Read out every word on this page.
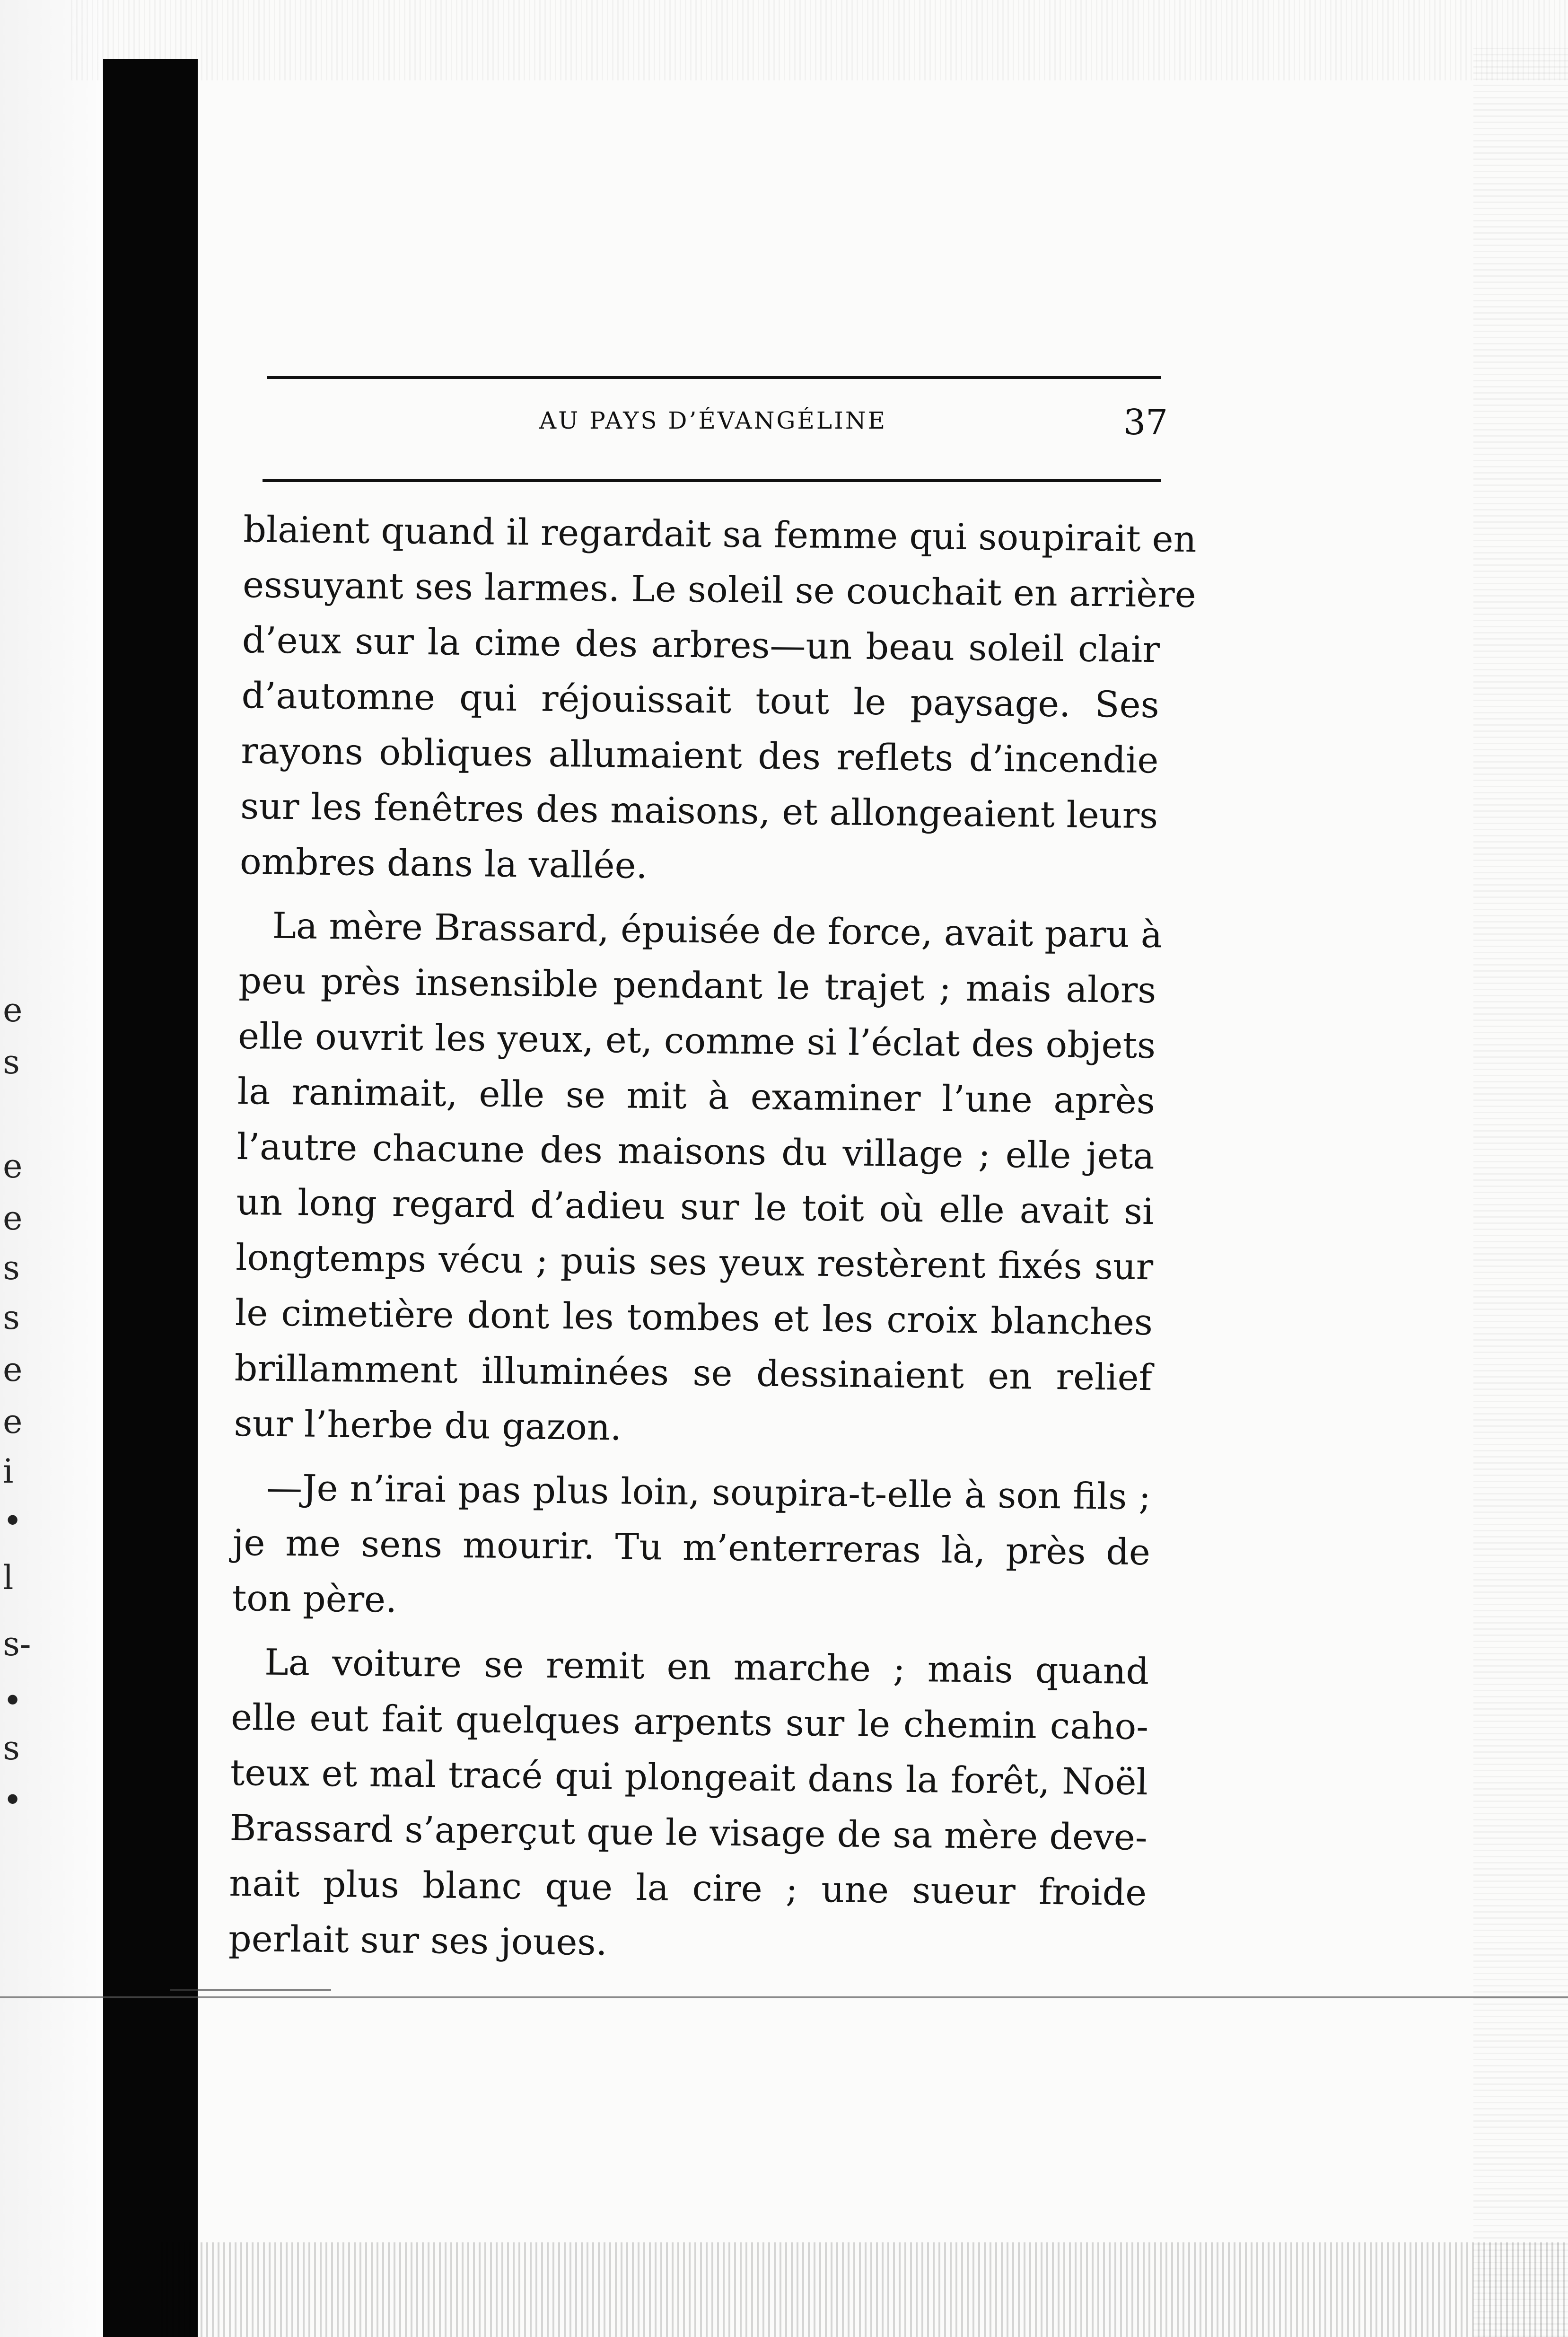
e
s
e
e
s
s
e
e
i
•
l
s-
•
s
•
AU PAYS D’ÉVANGÉLINE	37
blaient quand il regardait sa femme qui soupirait en
essuyant ses larmes. Le soleil se couchait en arrière
d’eux sur la cime des arbres—un beau soleil clair
d’automne qui réjouissait tout le paysage. Ses
rayons obliques allumaient des reflets d’incendie
sur les fenêtres des maisons, et allongeaient leurs
ombres dans la vallée.
La mère Brassard, épuisée de force, avait paru à
peu près insensible pendant le trajet ; mais alors
elle ouvrit les yeux, et, comme si l’éclat des objets
la ranimait, elle se mit à examiner l’une après
l’autre chacune des maisons du village ; elle jeta
un long regard d’adieu sur le toit où elle avait si
longtemps vécu ; puis ses yeux restèrent fixés sur
le cimetière dont les tombes et les croix blanches
brillamment illuminées se dessinaient en relief
sur l’herbe du gazon.
—Je n’irai pas plus loin, soupira-t-elle à son fils ;
je me sens mourir. Tu m’enterreras là, près de
ton père.
La voiture se remit en marche ; mais quand
elle eut fait quelques arpents sur le chemin caho-
teux et mal tracé qui plongeait dans la forêt, Noël
Brassard s’aperçut que le visage de sa mère deve-
nait plus blanc que la cire ; une sueur froide
perlait sur ses joues.
